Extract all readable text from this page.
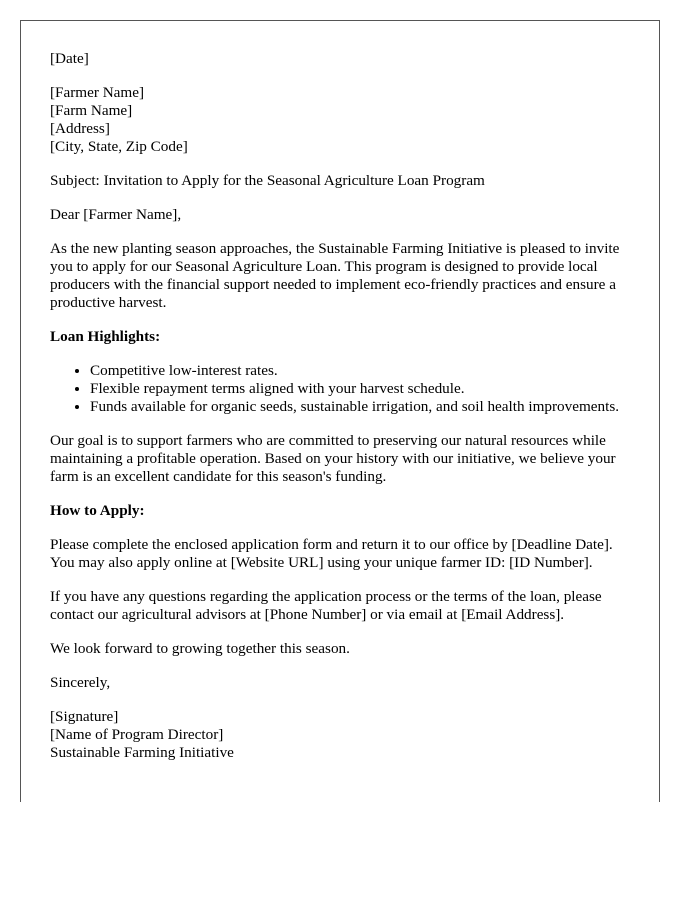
[Date]

[Farmer Name]

[Farm Name]

[Address]

[City, State, Zip Code]

Subject: Invitation to Apply for the Seasonal Agriculture Loan Program

Dear [Farmer Name],

As the new planting season approaches, the Sustainable Farming Initiative is pleased to invite you to apply for our Seasonal Agriculture Loan. This program is designed to provide local producers with the financial support needed to implement eco-friendly practices and ensure a productive harvest.

Loan Highlights:
• Competitive low-interest rates.
• Flexible repayment terms aligned with your harvest schedule.
• Funds available for organic seeds, sustainable irrigation, and soil health improvements.

Our goal is to support farmers who are committed to preserving our natural resources while maintaining a profitable operation. Based on your history with our initiative, we believe your farm is an excellent candidate for this season's funding.

How to Apply:

Please complete the enclosed application form and return it to our office by [Deadline Date]. You may also apply online at [Website URL] using your unique farmer ID: [ID Number].

If you have any questions regarding the application process or the terms of the loan, please contact our agricultural advisors at [Phone Number] or via email at [Email Address].

We look forward to growing together this season.

Sincerely,

[Signature]

[Name of Program Director]

Sustainable Farming Initiative
